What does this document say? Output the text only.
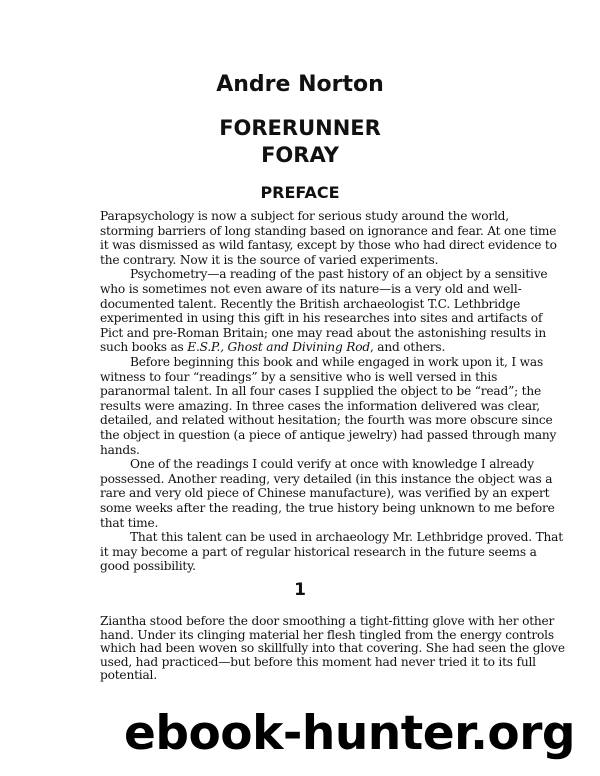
Andre Norton
FORERUNNER
FORAY
PREFACE
Parapsychology is now a subject for serious study around the world,
storming barriers of long standing based on ignorance and fear. At one time
it was dismissed as wild fantasy, except by those who had direct evidence to
the contrary. Now it is the source of varied experiments.
Psychometry—a reading of the past history of an object by a sensitive
who is sometimes not even aware of its nature—is a very old and well-
documented talent. Recently the British archaeologist T.C. Lethbridge
experimented in using this gift in his researches into sites and artifacts of
Pict and pre-Roman Britain; one may read about the astonishing results in
such books as E.S.P., Ghost and Divining Rod, and others.
Before beginning this book and while engaged in work upon it, I was
witness to four “readings” by a sensitive who is well versed in this
paranormal talent. In all four cases I supplied the object to be “read”; the
results were amazing. In three cases the information delivered was clear,
detailed, and related without hesitation; the fourth was more obscure since
the object in question (a piece of antique jewelry) had passed through many
hands.
One of the readings I could verify at once with knowledge I already
possessed. Another reading, very detailed (in this instance the object was a
rare and very old piece of Chinese manufacture), was verified by an expert
some weeks after the reading, the true history being unknown to me before
that time.
That this talent can be used in archaeology Mr. Lethbridge proved. That
it may become a part of regular historical research in the future seems a
good possibility.
1
Ziantha stood before the door smoothing a tight-fitting glove with her other
hand. Under its clinging material her flesh tingled from the energy controls
which had been woven so skillfully into that covering. She had seen the glove
used, had practiced—but before this moment had never tried it to its full
potential.
ebook-hunter.org
